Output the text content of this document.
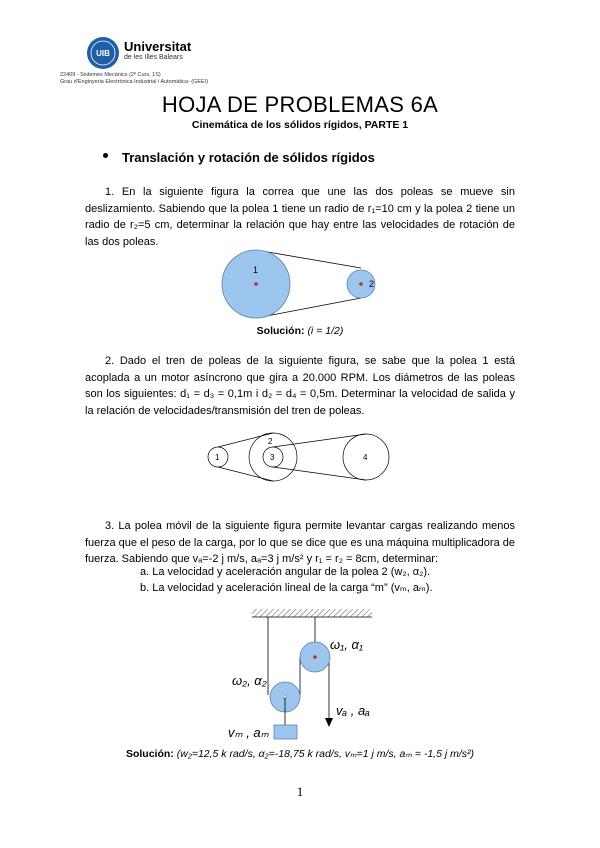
UIB Universitat
de les Illes Balears
22409 - Sistemes Mecànics (2º Curs, 1S)
Grau d'Enginyeria Electrònica Industrial i Automàtica- (GEEI)
HOJA DE PROBLEMAS 6A
Cinemática de los sólidos rígidos, PARTE 1
Translación y rotación de sólidos rígidos
1. En la siguiente figura la correa que une las dos poleas se mueve sin deslizamiento. Sabiendo que la polea 1 tiene un radio de r₁=10 cm y la polea 2 tiene un radio de r₂=5 cm, determinar la relación que hay entre las velocidades de rotación de las dos poleas.
1
2
Solución: (i = 1/2)
2. Dado el tren de poleas de la siguiente figura, se sabe que la polea 1 está acoplada a un motor asíncrono que gira a 20.000 RPM. Los diámetros de las poleas son los siguientes: d₁ = d₃ = 0,1m i d₂ = d₄ = 0,5m. Determinar la velocidad de salida y la relación de velocidades/transmisión del tren de poleas.
1
2
3	4
3. La polea móvil de la siguiente figura permite levantar cargas realizando menos fuerza que el peso de la carga, por lo que se dice que es una máquina multiplicadora de fuerza. Sabiendo que vₐ=-2 j m/s, aₐ=3 j m/s² y r₁ = r₂ = 8cm, determinar:
a. La velocidad y aceleración angular de la polea 2 (w₂, α₂).
b. La velocidad y aceleración lineal de la carga “m” (vₘ, aₘ).
ω₁, α₁
ω₂, α₂
vₐ , aₐ
vₘ , aₘ
Solución: (w₂=12,5 k rad/s, α₂=-18,75 k rad/s, vₘ=1 j m/s, aₘ = -1,5 j m/s²)
1
